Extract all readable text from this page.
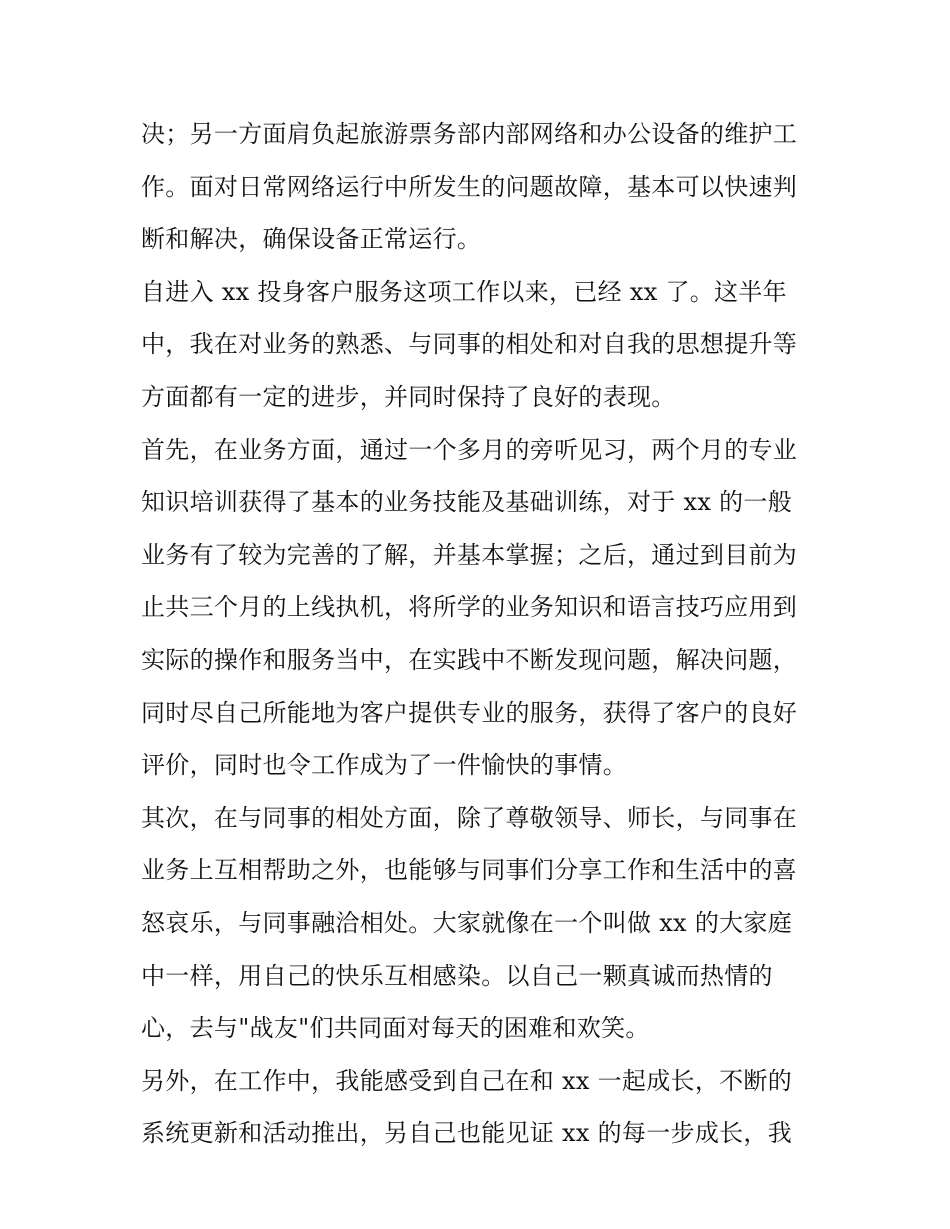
决；另一方面肩负起旅游票务部内部网络和办公设备的维护工
作。面对日常网络运行中所发生的问题故障，基本可以快速判
断和解决，确保设备正常运行。
自进入 xx 投身客户服务这项工作以来，已经 xx 了。这半年
中，我在对业务的熟悉、与同事的相处和对自我的思想提升等
方面都有一定的进步，并同时保持了良好的表现。
首先，在业务方面，通过一个多月的旁听见习，两个月的专业
知识培训获得了基本的业务技能及基础训练，对于 xx 的一般
业务有了较为完善的了解，并基本掌握；之后，通过到目前为
止共三个月的上线执机，将所学的业务知识和语言技巧应用到
实际的操作和服务当中，在实践中不断发现问题，解决问题，
同时尽自己所能地为客户提供专业的服务，获得了客户的良好
评价，同时也令工作成为了一件愉快的事情。
其次，在与同事的相处方面，除了尊敬领导、师长，与同事在
业务上互相帮助之外，也能够与同事们分享工作和生活中的喜
怒哀乐，与同事融洽相处。大家就像在一个叫做 xx 的大家庭
中一样，用自己的快乐互相感染。以自己一颗真诚而热情的
心，去与"战友"们共同面对每天的困难和欢笑。
另外，在工作中，我能感受到自己在和 xx 一起成长，不断的
系统更新和活动推出，另自己也能见证 xx 的每一步成长，我
